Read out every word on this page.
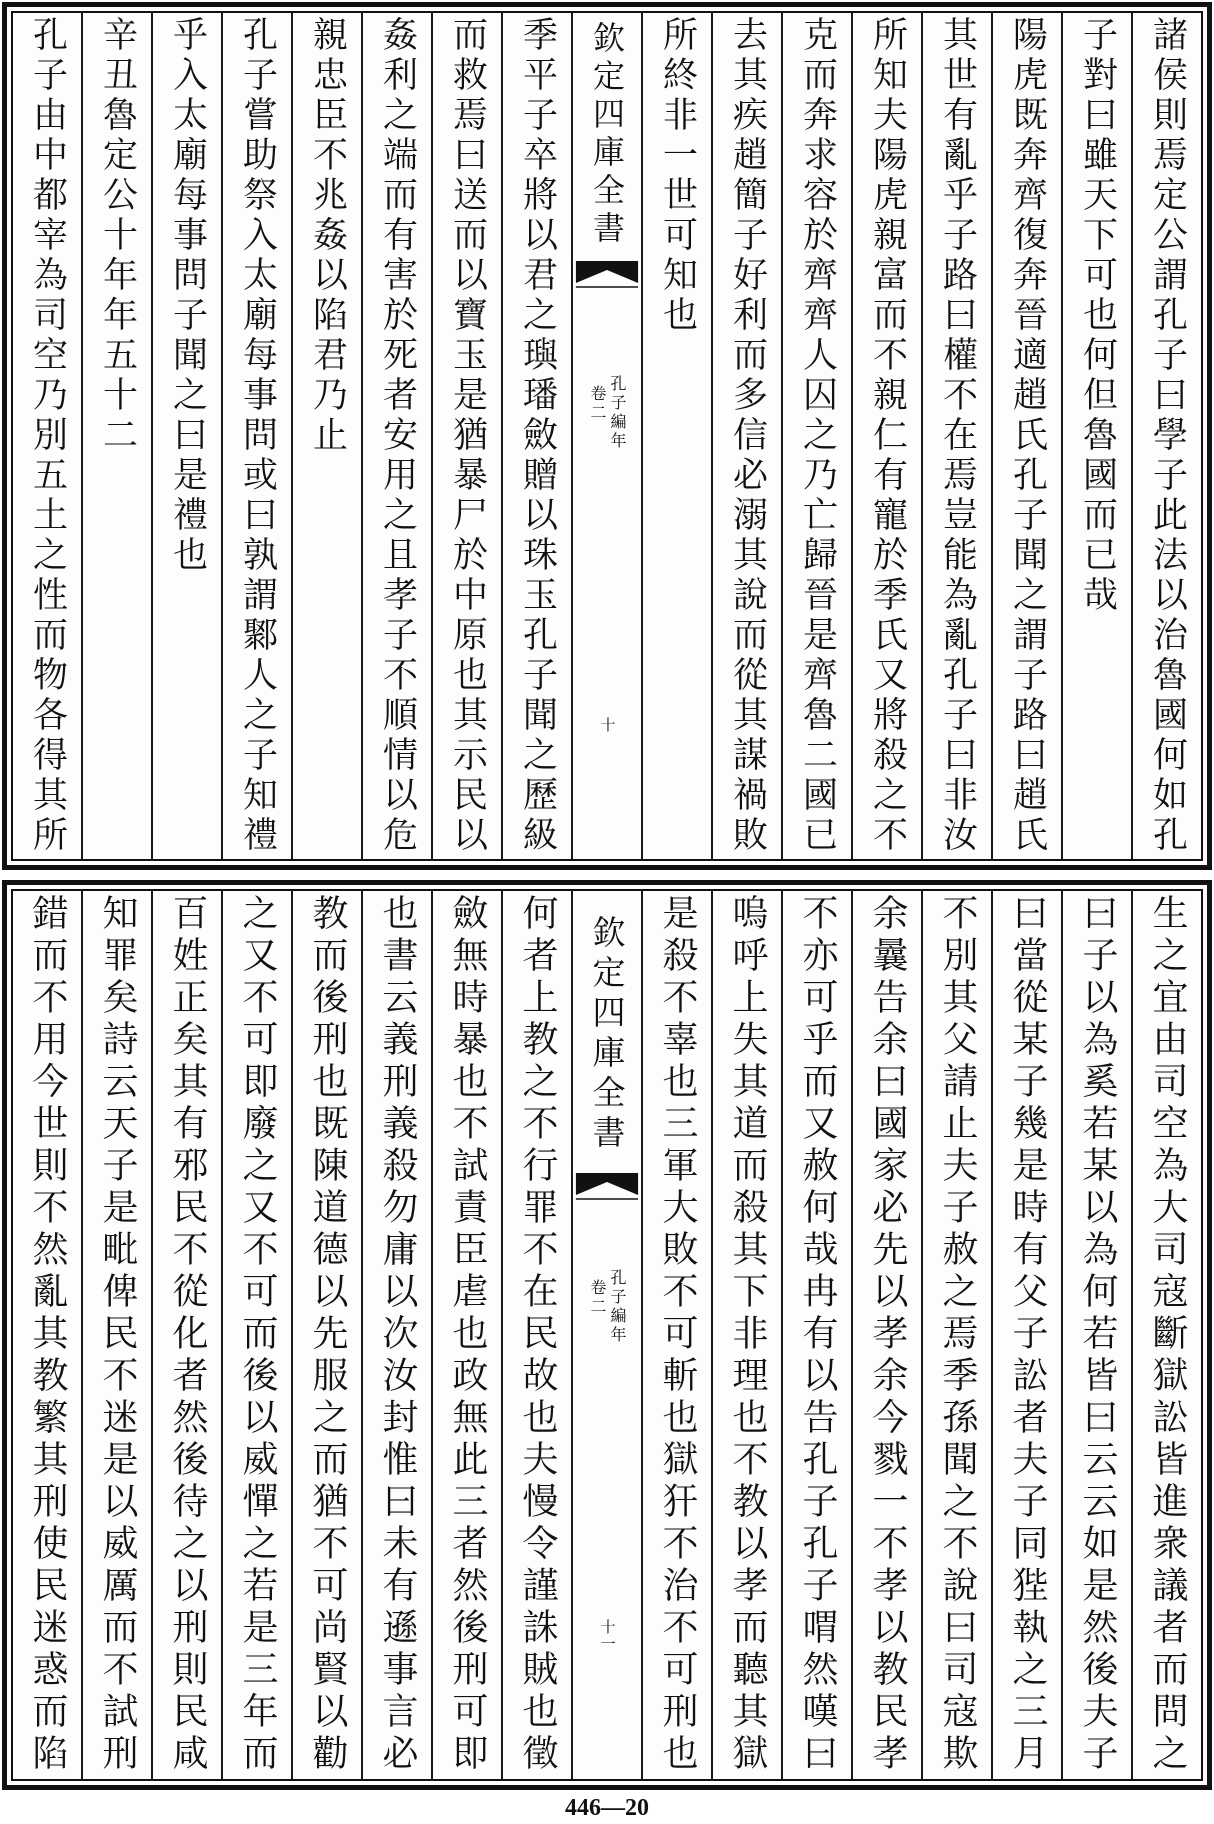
諸侯則焉定公謂孔子曰學子此法以治魯國何如孔
子對曰雖天下可也何但魯國而已哉
陽虎既奔齊復奔晉適趙氏孔子聞之謂子路曰趙氏
其世有亂乎子路曰權不在焉豈能為亂孔子曰非汝
所知夫陽虎親富而不親仁有寵於季氏又將殺之不
克而奔求容於齊齊人囚之乃亡歸晉是齊魯二國已
去其疾趙簡子好利而多信必溺其說而從其謀禍敗
所終非一世可知也
欽定四庫全書
孔子編年
卷二
十
季平子卒將以君之璵璠斂贈以珠玉孔子聞之歷級
而救焉曰送而以寶玉是猶暴尸於中原也其示民以
姦利之端而有害於死者安用之且孝子不順情以危
親忠臣不兆姦以陷君乃止
孔子嘗助祭入太廟每事問或曰孰謂鄹人之子知禮
乎入太廟每事問子聞之曰是禮也
辛丑魯定公十年年五十二
孔子由中都宰為司空乃別五土之性而物各得其所
生之宜由司空為大司寇斷獄訟皆進衆議者而問之
曰子以為奚若某以為何若皆曰云云如是然後夫子
曰當從某子幾是時有父子訟者夫子同狴執之三月
不別其父請止夫子赦之焉季孫聞之不說曰司寇欺
余曩告余曰國家必先以孝余今戮一不孝以教民孝
不亦可乎而又赦何哉冉有以告孔子孔子喟然嘆曰
嗚呼上失其道而殺其下非理也不教以孝而聽其獄
是殺不辜也三軍大敗不可斬也獄犴不治不可刑也
欽定四庫全書
孔子編年
卷二
十一
何者上教之不行罪不在民故也夫慢令謹誅賊也徵
斂無時暴也不試責臣虐也政無此三者然後刑可即
也書云義刑義殺勿庸以次汝封惟曰未有遜事言必
教而後刑也既陳道德以先服之而猶不可尚賢以勸
之又不可即廢之又不可而後以威憚之若是三年而
百姓正矣其有邪民不從化者然後待之以刑則民咸
知罪矣詩云天子是毗俾民不迷是以威厲而不試刑
錯而不用今世則不然亂其教繁其刑使民迷惑而陷
446—20
